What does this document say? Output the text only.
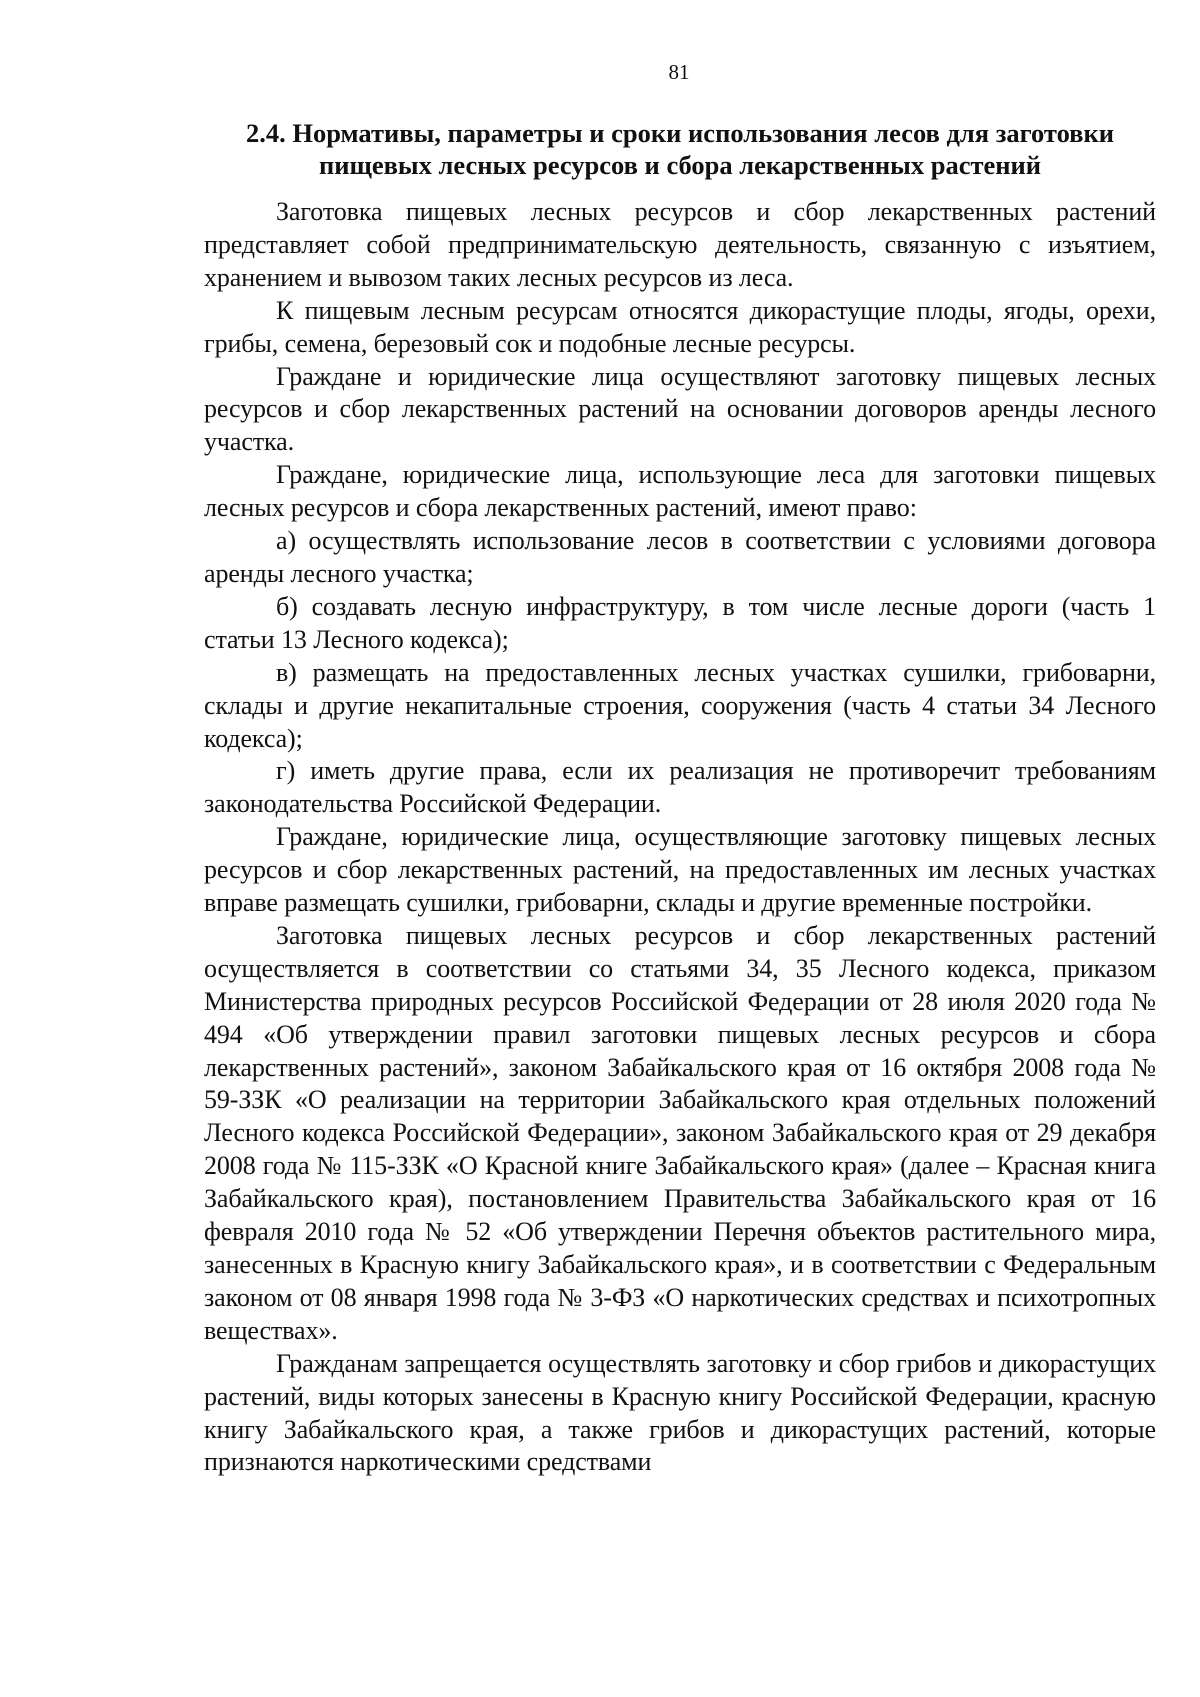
81
2.4. Нормативы, параметры и сроки использования лесов для заготовки
пищевых лесных ресурсов и сбора лекарственных растений

Заготовка пищевых лесных ресурсов и сбор лекарственных растений представляет собой предпринимательскую деятельность, связанную с изъятием, хранением и вывозом таких лесных ресурсов из леса.

К пищевым лесным ресурсам относятся дикорастущие плоды, ягоды, орехи, грибы, семена, березовый сок и подобные лесные ресурсы.

Граждане и юридические лица осуществляют заготовку пищевых лесных ресурсов и сбор лекарственных растений на основании договоров аренды лесного участка.

Граждане, юридические лица, использующие леса для заготовки пищевых лесных ресурсов и сбора лекарственных растений, имеют право:

а) осуществлять использование лесов в соответствии с условиями договора аренды лесного участка;

б) создавать лесную инфраструктуру, в том числе лесные дороги (часть 1 статьи 13 Лесного кодекса);

в) размещать на предоставленных лесных участках сушилки, грибоварни, склады и другие некапитальные строения, сооружения (часть 4 статьи 34 Лесного кодекса);

г) иметь другие права, если их реализация не противоречит требованиям законодательства Российской Федерации.

Граждане, юридические лица, осуществляющие заготовку пищевых лесных ресурсов и сбор лекарственных растений, на предоставленных им лесных участках вправе размещать сушилки, грибоварни, склады и другие временные постройки.

Заготовка пищевых лесных ресурсов и сбор лекарственных растений осуществляется в соответствии со статьями 34, 35 Лесного кодекса, приказом Министерства природных ресурсов Российской Федерации от 28 июля 2020 года № 494 «Об утверждении правил заготовки пищевых лесных ресурсов и сбора лекарственных растений», законом Забайкальского края от 16 октября 2008 года № 59-ЗЗК «О реализации на территории Забайкальского края отдельных положений Лесного кодекса Российской Федерации», законом Забайкальского края от 29 декабря 2008 года № 115-ЗЗК «О Красной книге Забайкальского края» (далее – Красная книга Забайкальского края), постановлением Правительства Забайкальского края от 16 февраля 2010 года № 52 «Об утверждении Перечня объектов растительного мира, занесенных в Красную книгу Забайкальского края», и в соответствии с Федеральным законом от 08 января 1998 года № 3-ФЗ «О наркотических средствах и психотропных веществах».

Гражданам запрещается осуществлять заготовку и сбор грибов и дикорастущих растений, виды которых занесены в Красную книгу Российской Федерации, красную книгу Забайкальского края, а также грибов и дикорастущих растений, которые признаются наркотическими средствами
